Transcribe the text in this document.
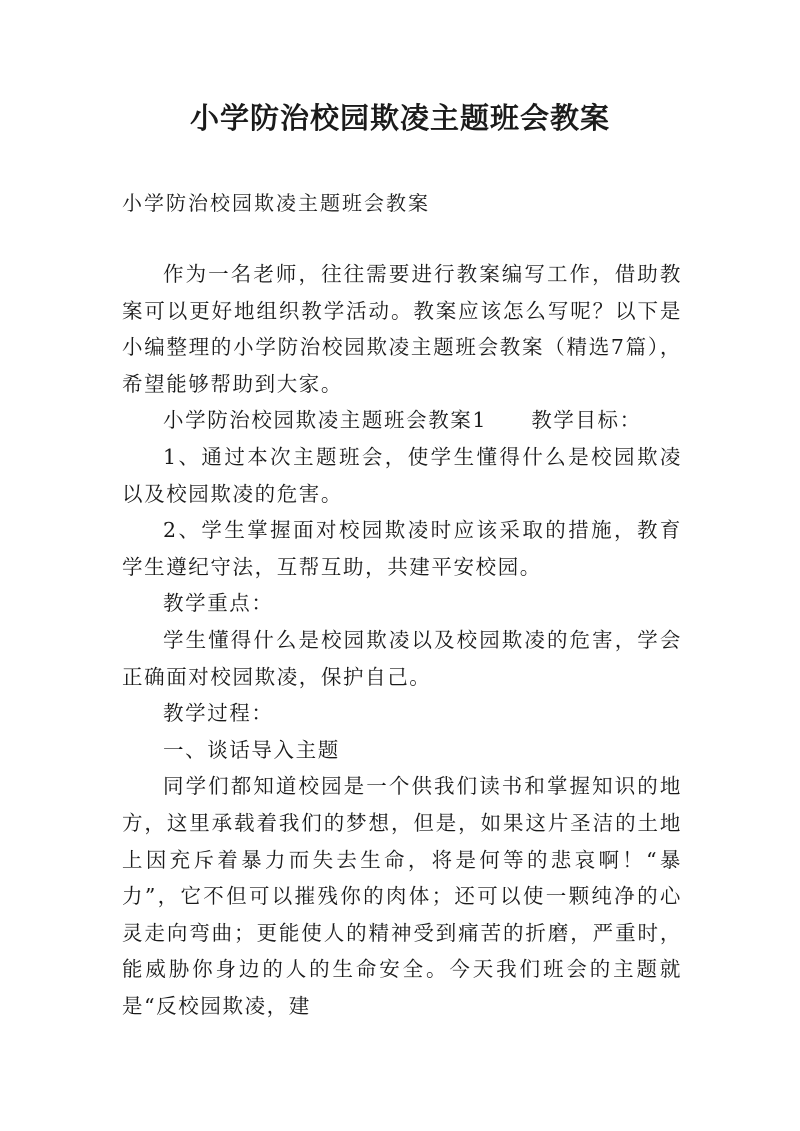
小学防治校园欺凌主题班会教案
小学防治校园欺凌主题班会教案

作为一名老师，往往需要进行教案编写工作，借助教案可以更好地组织教学活动。教案应该怎么写呢？以下是小编整理的小学防治校园欺凌主题班会教案（精选7篇），希望能够帮助到大家。

小学防治校园欺凌主题班会教案1　　教学目标：

1、通过本次主题班会，使学生懂得什么是校园欺凌以及校园欺凌的危害。

2、学生掌握面对校园欺凌时应该采取的措施，教育学生遵纪守法，互帮互助，共建平安校园。

教学重点：

学生懂得什么是校园欺凌以及校园欺凌的危害，学会正确面对校园欺凌，保护自己。

教学过程：

一、谈话导入主题

同学们都知道校园是一个供我们读书和掌握知识的地方，这里承载着我们的梦想，但是，如果这片圣洁的土地上因充斥着暴力而失去生命，将是何等的悲哀啊！“暴力”，它不但可以摧残你的肉体；还可以使一颗纯净的心灵走向弯曲；更能使人的精神受到痛苦的折磨，严重时，能威胁你身边的人的生命安全。今天我们班会的主题就是“反校园欺凌，建
